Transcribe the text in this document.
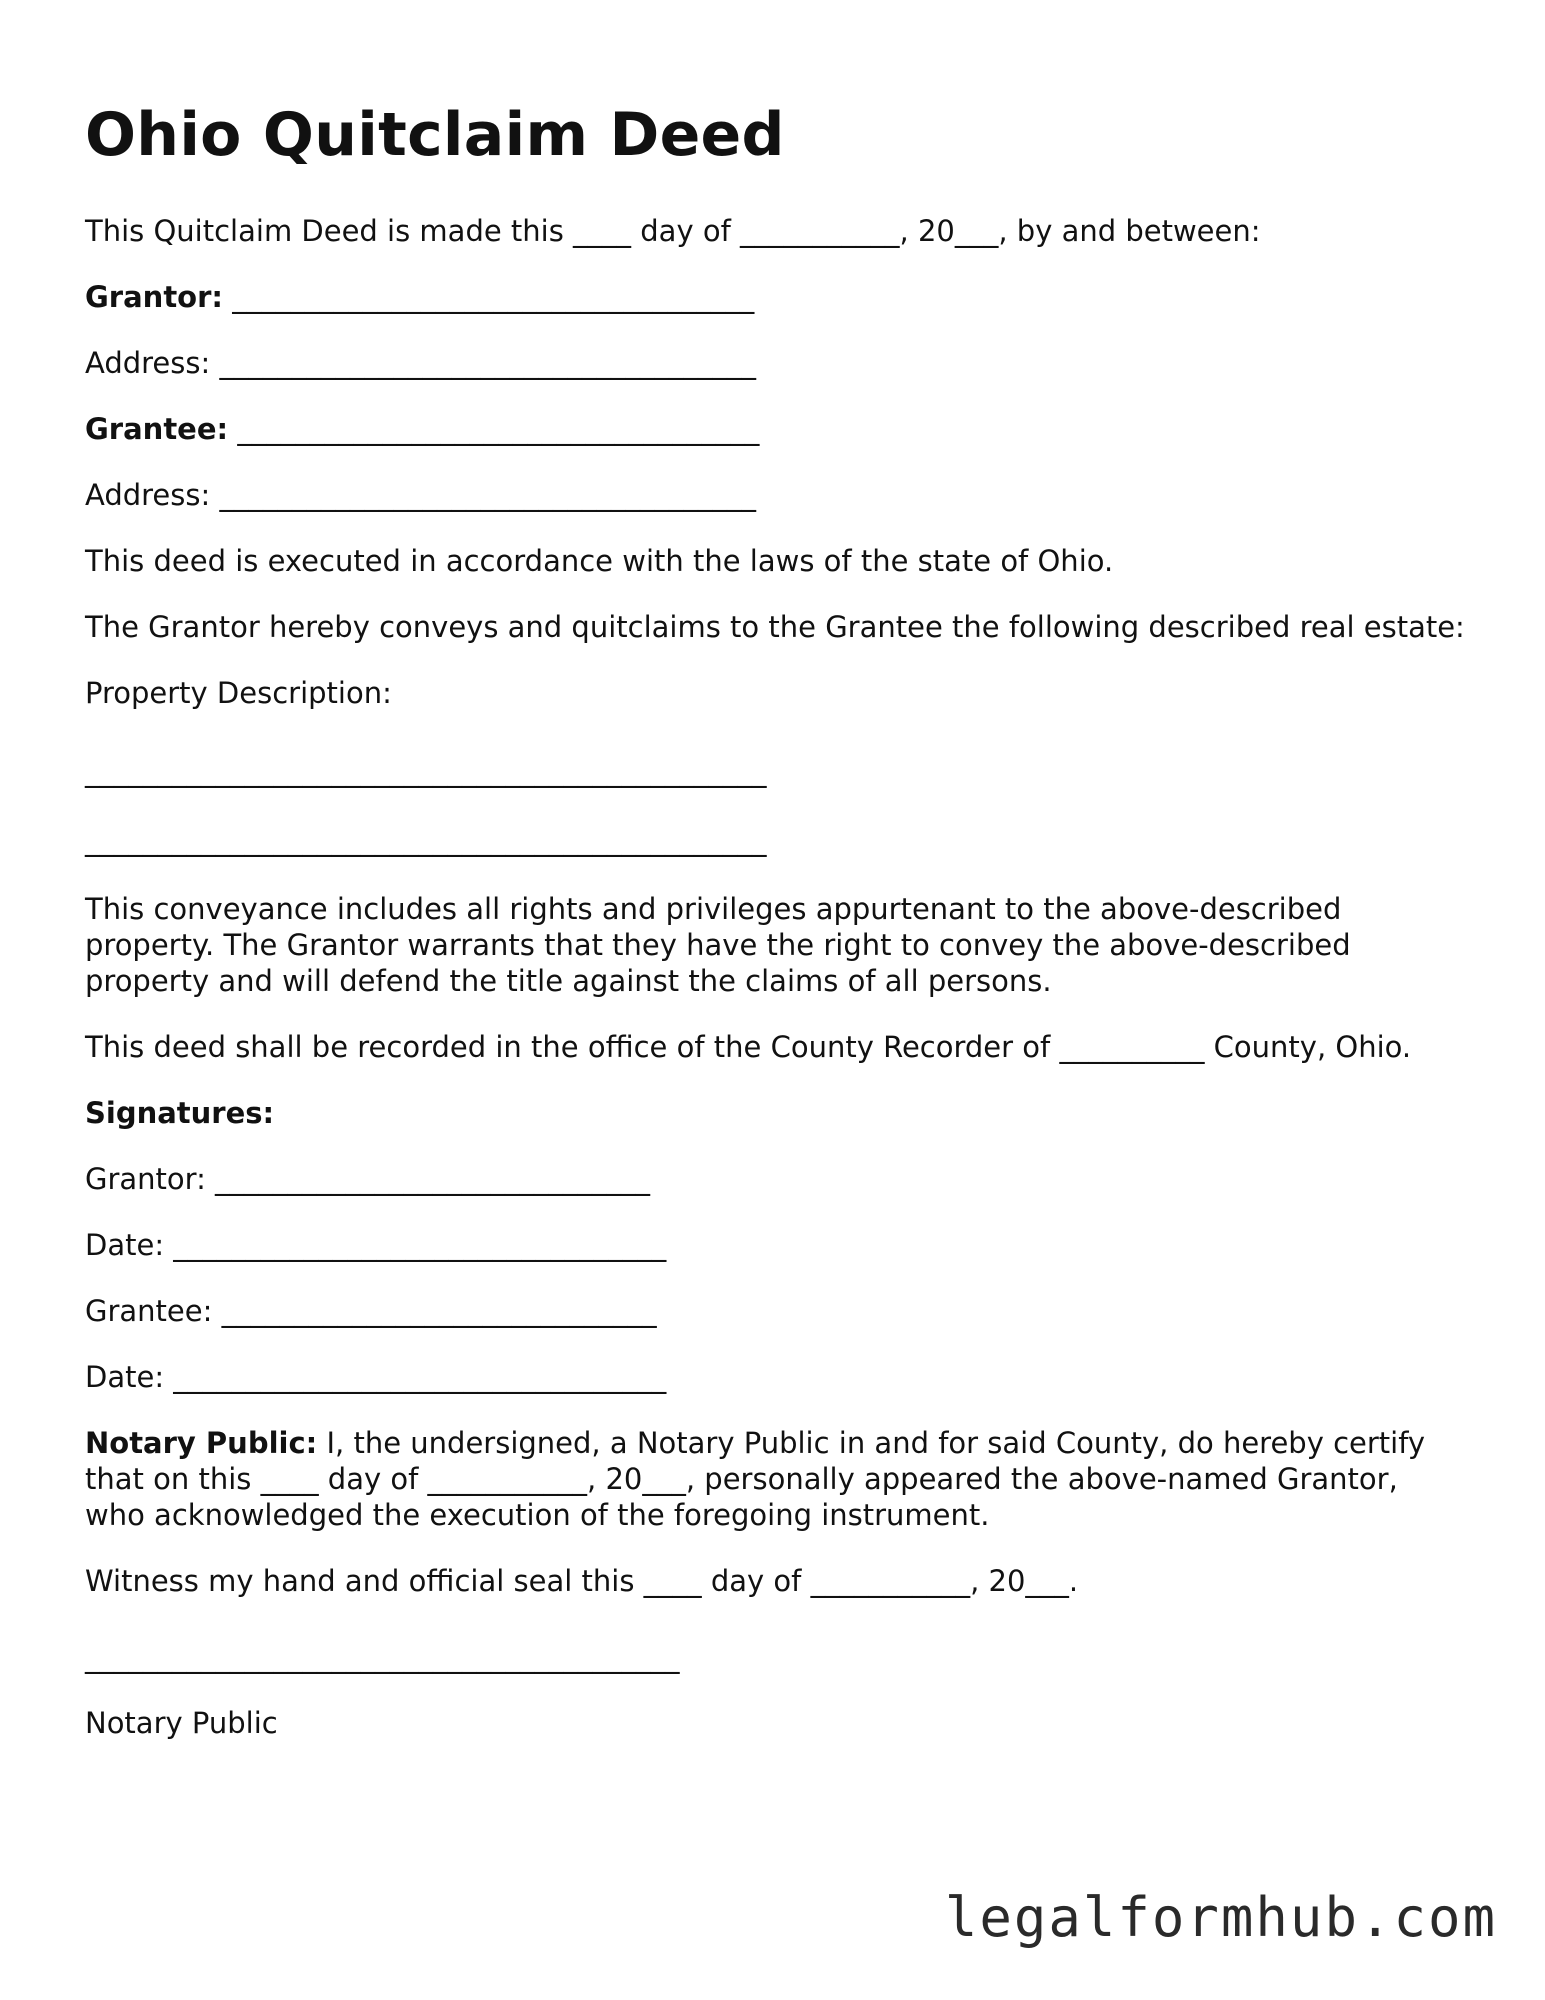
Ohio Quitclaim Deed

This Quitclaim Deed is made this ____ day of ___________, 20___, by and between:

Grantor: ____________________________________

Address: _____________________________________

Grantee: ____________________________________

Address: _____________________________________

This deed is executed in accordance with the laws of the state of Ohio.

The Grantor hereby conveys and quitclaims to the Grantee the following described real estate:

Property Description:

_______________________________________________

_______________________________________________

This conveyance includes all rights and privileges appurtenant to the above-described property. The Grantor warrants that they have the right to convey the above-described property and will defend the title against the claims of all persons.

This deed shall be recorded in the office of the County Recorder of __________ County, Ohio.

Signatures:

Grantor: ______________________________

Date: __________________________________

Grantee: ______________________________

Date: __________________________________

Notary Public: I, the undersigned, a Notary Public in and for said County, do hereby certify that on this ____ day of ___________, 20___, personally appeared the above-named Grantor, who acknowledged the execution of the foregoing instrument.

Witness my hand and official seal this ____ day of ___________, 20___.

_________________________________________

Notary Public

legalformhub.com
